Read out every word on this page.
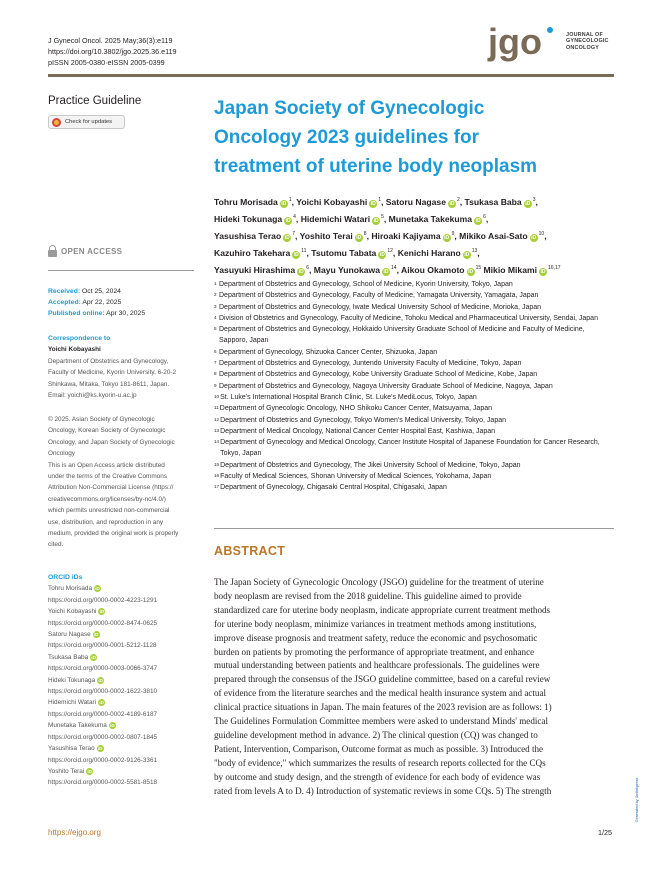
J Gynecol Oncol. 2025 May;36(3):e119
https://doi.org/10.3802/jgo.2025.36.e119
pISSN 2005-0380·eISSN 2005-0399
jgo	JOURNAL OF
GYNECOLOGIC
ONCOLOGY
Practice Guideline
Check for updates
OPEN ACCESS
Received: Oct 25, 2024
Accepted: Apr 22, 2025
Published online: Apr 30, 2025
Correspondence to
Yoichi Kobayashi
Department of Obstetrics and Gynecology,
Faculty of Medicine, Kyorin University, 6-20-2
Shinkawa, Mitaka, Tokyo 181-8611, Japan.
Email: yoichi@ks.kyorin-u.ac.jp
© 2025. Asian Society of Gynecologic
Oncology, Korean Society of Gynecologic
Oncology, and Japan Society of Gynecologic
Oncology
This is an Open Access article distributed
under the terms of the Creative Commons
Attribution Non-Commercial License (https://
creativecommons.org/licenses/by-nc/4.0/)
which permits unrestricted non-commercial
use, distribution, and reproduction in any
medium, provided the original work is properly
cited.
ORCID iDs
Tohru Morisada iD
https://orcid.org/0000-0002-4223-1291
Yoichi Kobayashi iD
https://orcid.org/0000-0002-8474-0625
Satoru Nagase iD
https://orcid.org/0000-0001-5212-1128
Tsukasa Baba iD
https://orcid.org/0000-0003-0066-3747
Hideki Tokunaga iD
https://orcid.org/0000-0002-1622-3810
Hidemichi Watari iD
https://orcid.org/0000-0002-4189-6187
Munetaka Takekuma iD
https://orcid.org/0000-0002-0807-1845
Yasushisa Terao iD
https://orcid.org/0000-0002-9126-3361
Yoshito Terai iD
https://orcid.org/0000-0002-5581-8518
Japan Society of Gynecologic
Oncology 2023 guidelines for
treatment of uterine body neoplasm
Tohru Morisada $iD^1$, Yoichi Kobayashi $iD^1$, Satoru Nagase $iD^2$, Tsukasa Baba $iD^3$,
Hideki Tokunaga $iD^4$, Hidemichi Watari $iD^5$, Munetaka Takekuma $iD^6$,
Yasushisa Terao $iD^7$, Yoshito Terai $iD^8$, Hiroaki Kajiyama $iD^9$, Mikiko Asai-Sato $iD^{10}$,
Kazuhiro Takehara $iD^{11}$, Tsutomu Tabata $iD^{12}$, Kenichi Harano $iD^{13}$,
Yasuyuki Hirashima $iD^6$, Mayu Yunokawa $iD^{14}$, Aikou Okamoto $iD^{15}$ Mikio Mikami iD$^{16,17}$
1 Department of Obstetrics and Gynecology, School of Medicine, Kyorin University, Tokyo, Japan
2 Department of Obstetrics and Gynecology, Faculty of Medicine, Yamagata University, Yamagata, Japan
3 Department of Obstetrics and Gynecology, Iwate Medical University School of Medicine, Morioka, Japan
4 Division of Obstetrics and Gynecology, Faculty of Medicine, Tohoku Medical and Pharmaceutical University, Sendai, Japan
5 Department of Obstetrics and Gynecology, Hokkaido University Graduate School of Medicine and Faculty of Medicine, Sapporo, Japan
6 Department of Gynecology, Shizuoka Cancer Center, Shizuoka, Japan
7 Department of Obstetrics and Gynecology, Juntendo University Faculty of Medicine, Tokyo, Japan
8 Department of Obstetrics and Gynecology, Kobe University Graduate School of Medicine, Kobe, Japan
9 Department of Obstetrics and Gynecology, Nagoya University Graduate School of Medicine, Nagoya, Japan
10 St. Luke's International Hospital Branch Clinic, St. Luke's MediLocus, Tokyo, Japan
11 Department of Gynecologic Oncology, NHO Shikoku Cancer Center, Matsuyama, Japan
12 Department of Obstetrics and Gynecology, Tokyo Women's Medical University, Tokyo, Japan
13 Department of Medical Oncology, National Cancer Center Hospital East, Kashiwa, Japan
14 Department of Gynecology and Medical Oncology, Cancer Institute Hospital of Japanese Foundation for Cancer Research, Tokyo, Japan
15 Department of Obstetrics and Gynecology, The Jikei University School of Medicine, Tokyo, Japan
16 Faculty of Medical Sciences, Shonan University of Medical Sciences, Yokohama, Japan
17 Department of Gynecology, Chigasaki Central Hospital, Chigasaki, Japan
ABSTRACT
The Japan Society of Gynecologic Oncology (JSGO) guideline for the treatment of uterine
body neoplasm are revised from the 2018 guideline. This guideline aimed to provide
standardized care for uterine body neoplasm, indicate appropriate current treatment methods
for uterine body neoplasm, minimize variances in treatment methods among institutions,
improve disease prognosis and treatment safety, reduce the economic and psychosomatic
burden on patients by promoting the performance of appropriate treatment, and enhance
mutual understanding between patients and healthcare professionals. The guidelines were
prepared through the consensus of the JSGO guideline committee, based on a careful review
of evidence from the literature searches and the medical health insurance system and actual
clinical practice situations in Japan. The main features of the 2023 revision are as follows: 1)
The Guidelines Formulation Committee members were asked to understand Minds' medical
guideline development method in advance. 2) The clinical question (CQ) was changed to
Patient, Intervention, Comparison, Outcome format as much as possible. 3) Introduced the
"body of evidence," which summarizes the results of research reports collected for the CQs
by outcome and study design, and the strength of evidence for each body of evidence was
rated from levels A to D. 4) Introduction of systematic reviews in some CQs. 5) The strength
https://ejgo.org	1/25
Generated by Xmlinkpress
